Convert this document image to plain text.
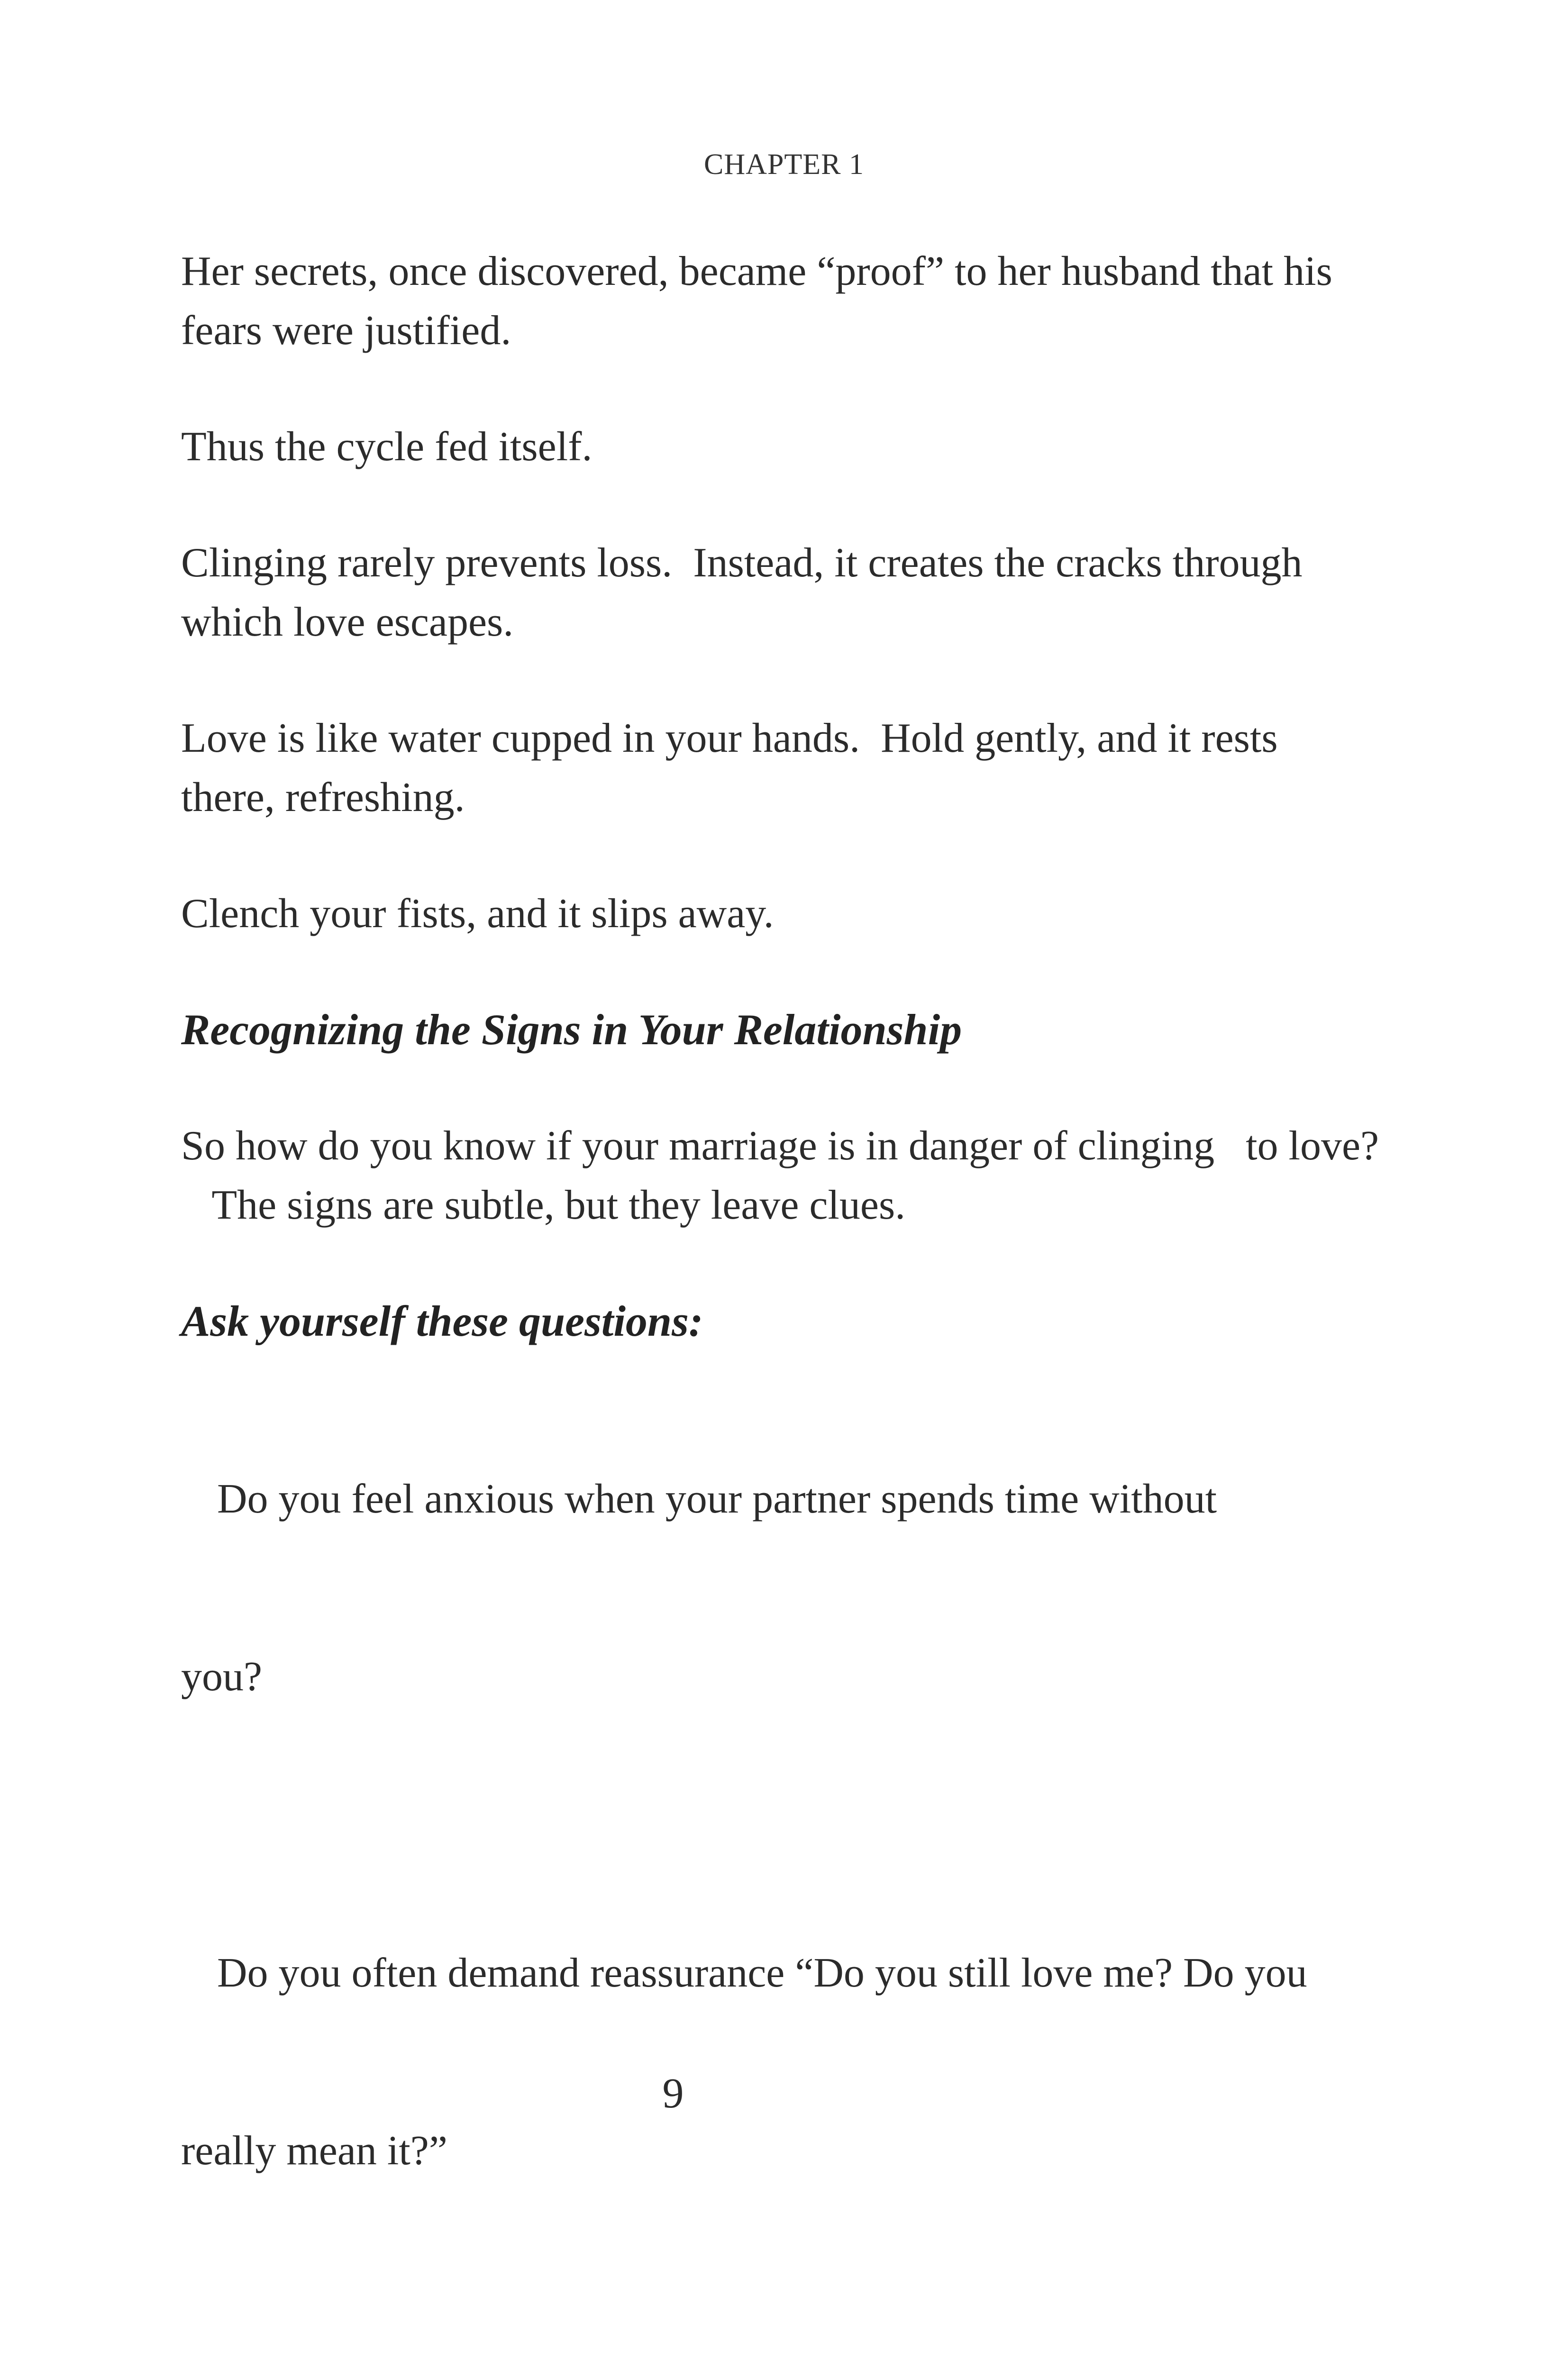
CHAPTER 1

Her secrets, once discovered, became “proof” to her husband that his
fears were justified.

Thus the cycle fed itself.

Clinging rarely prevents loss.  Instead, it creates the cracks through
which love escapes.

Love is like water cupped in your hands.  Hold gently, and it rests
there, refreshing.

Clench your fists, and it slips away.

Recognizing the Signs in Your Relationship

So how do you know if your marriage is in danger of clinging   to love?
The signs are subtle, but they leave clues.

Ask yourself these questions:

Do you feel anxious when your partner spends time without

you?

Do you often demand reassurance “Do you still love me? Do you

really mean it?”

9
